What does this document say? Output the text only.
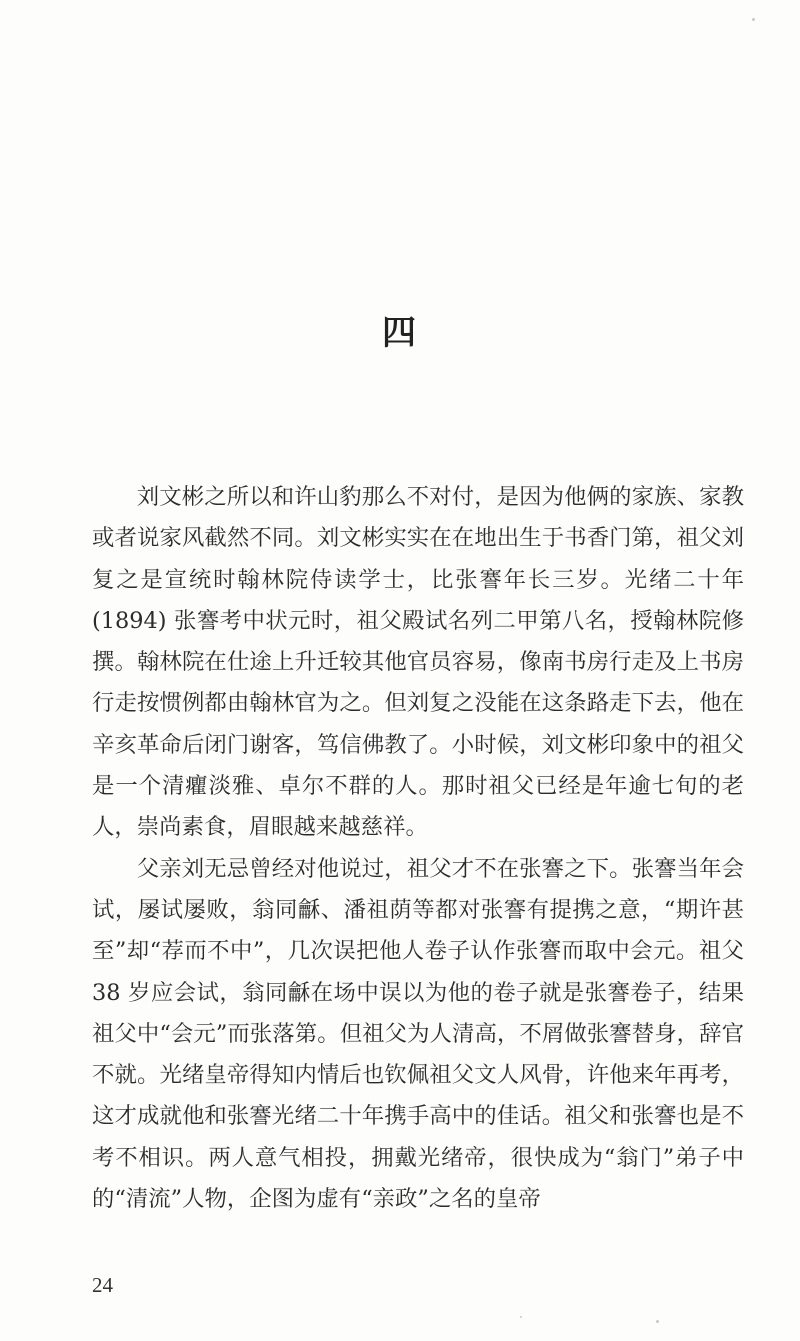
四

刘文彬之所以和许山豹那么不对付，是因为他俩的家族、家教或者说家风截然不同。刘文彬实实在在地出生于书香门第，祖父刘复之是宣统时翰林院侍读学士，比张謇年长三岁。光绪二十年(1894) 张謇考中状元时，祖父殿试名列二甲第八名，授翰林院修撰。翰林院在仕途上升迁较其他官员容易，像南书房行走及上书房行走按惯例都由翰林官为之。但刘复之没能在这条路走下去，他在辛亥革命后闭门谢客，笃信佛教了。小时候，刘文彬印象中的祖父是一个清癯淡雅、卓尔不群的人。那时祖父已经是年逾七旬的老人，崇尚素食，眉眼越来越慈祥。

父亲刘无忌曾经对他说过，祖父才不在张謇之下。张謇当年会试，屡试屡败，翁同龢、潘祖荫等都对张謇有提携之意，“期许甚至”却“荐而不中”，几次误把他人卷子认作张謇而取中会元。祖父 38 岁应会试，翁同龢在场中误以为他的卷子就是张謇卷子，结果祖父中“会元”而张落第。但祖父为人清高，不屑做张謇替身，辞官不就。光绪皇帝得知内情后也钦佩祖父文人风骨，许他来年再考，这才成就他和张謇光绪二十年携手高中的佳话。祖父和张謇也是不考不相识。两人意气相投，拥戴光绪帝，很快成为“翁门”弟子中的“清流”人物，企图为虚有“亲政”之名的皇帝

24
